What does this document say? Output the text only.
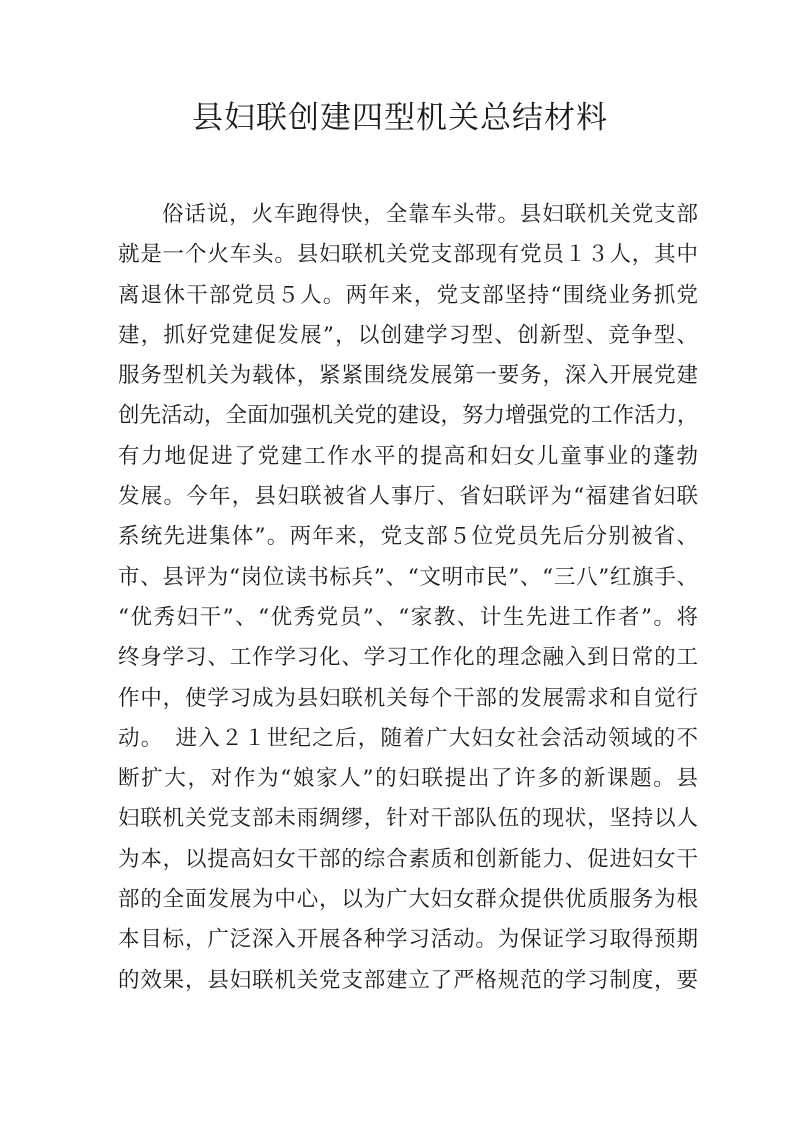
县妇联创建四型机关总结材料
俗话说，火车跑得快，全靠车头带。县妇联机关党支部
就是一个火车头。县妇联机关党支部现有党员１３人，其中
离退休干部党员５人。两年来，党支部坚持“围绕业务抓党
建，抓好党建促发展”，以创建学习型、创新型、竞争型、
服务型机关为载体，紧紧围绕发展第一要务，深入开展党建
创先活动，全面加强机关党的建设，努力增强党的工作活力，
有力地促进了党建工作水平的提高和妇女儿童事业的蓬勃
发展。今年，县妇联被省人事厅、省妇联评为“福建省妇联
系统先进集体”。两年来，党支部５位党员先后分别被省、
市、县评为“岗位读书标兵”、“文明市民”、“三八”红旗手、
“优秀妇干”、“优秀党员”、“家教、计生先进工作者”。将
终身学习、工作学习化、学习工作化的理念融入到日常的工
作中，使学习成为县妇联机关每个干部的发展需求和自觉行
动。　进入２１世纪之后，随着广大妇女社会活动领域的不
断扩大，对作为“娘家人”的妇联提出了许多的新课题。县
妇联机关党支部未雨绸缪，针对干部队伍的现状，坚持以人
为本，以提高妇女干部的综合素质和创新能力、促进妇女干
部的全面发展为中心，以为广大妇女群众提供优质服务为根
本目标，广泛深入开展各种学习活动。为保证学习取得预期
的效果，县妇联机关党支部建立了严格规范的学习制度，要
